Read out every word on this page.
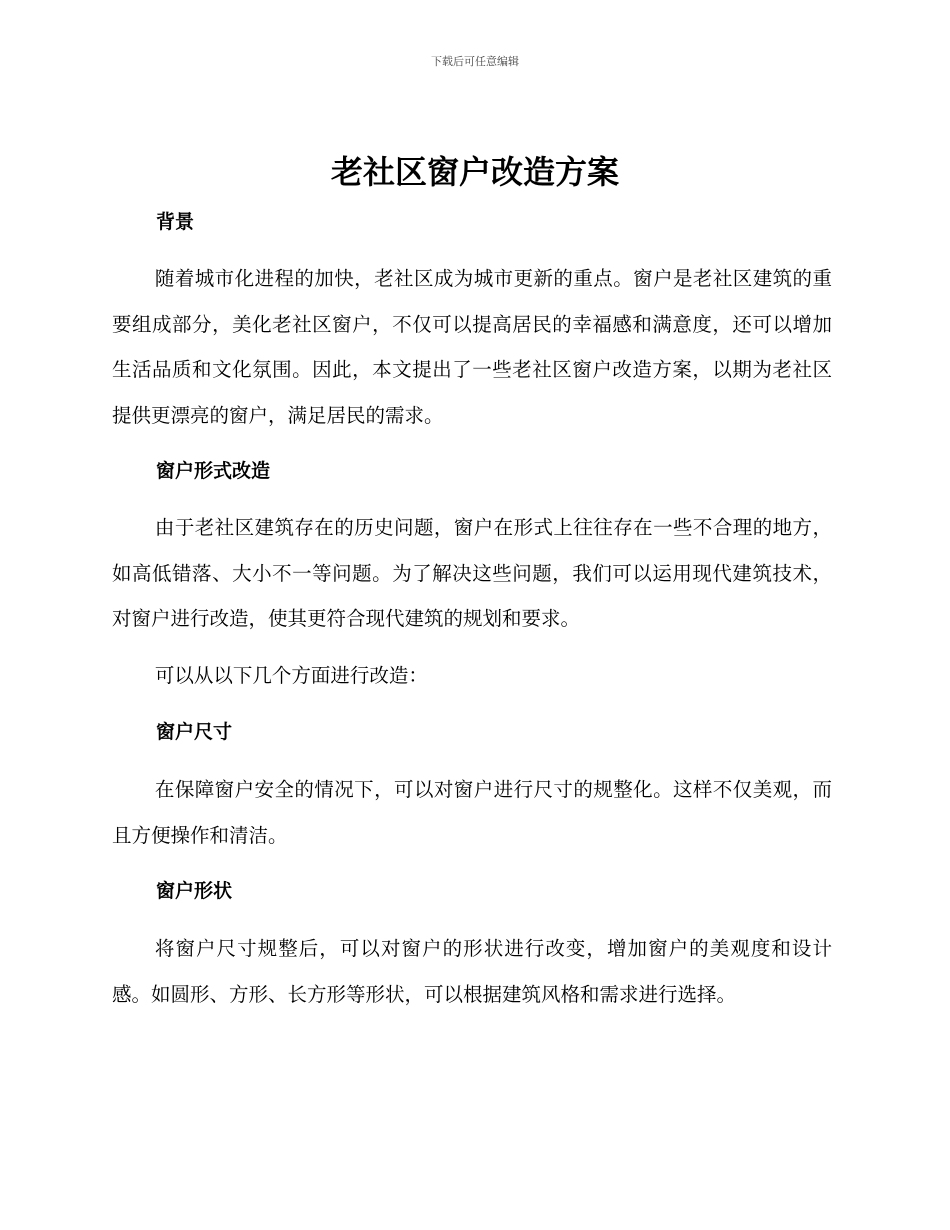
下载后可任意编辑
老社区窗户改造方案
背景

随着城市化进程的加快，老社区成为城市更新的重点。窗户是老社区建筑的重要组成部分，美化老社区窗户，不仅可以提高居民的幸福感和满意度，还可以增加生活品质和文化氛围。因此，本文提出了一些老社区窗户改造方案，以期为老社区提供更漂亮的窗户，满足居民的需求。

窗户形式改造

由于老社区建筑存在的历史问题，窗户在形式上往往存在一些不合理的地方，如高低错落、大小不一等问题。为了解决这些问题，我们可以运用现代建筑技术，对窗户进行改造，使其更符合现代建筑的规划和要求。

可以从以下几个方面进行改造：

窗户尺寸

在保障窗户安全的情况下，可以对窗户进行尺寸的规整化。这样不仅美观，而且方便操作和清洁。

窗户形状

将窗户尺寸规整后，可以对窗户的形状进行改变，增加窗户的美观度和设计感。如圆形、方形、长方形等形状，可以根据建筑风格和需求进行选择。
